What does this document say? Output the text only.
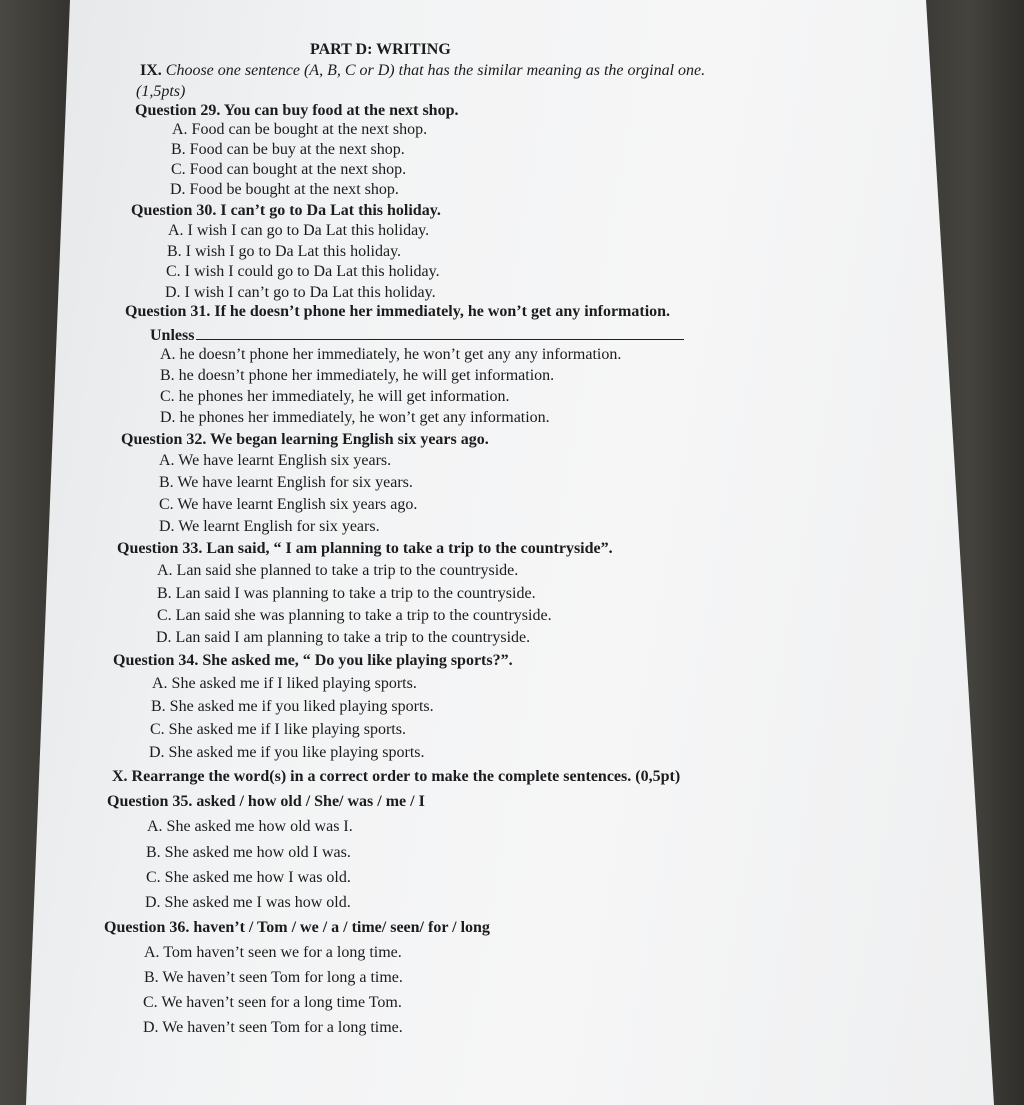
PART D: WRITING
IX. Choose one sentence (A, B, C or D) that has the similar meaning as the orginal one.
(1,5pts)
Question 29. You can buy food at the next shop.
A. Food can be bought at the next shop.
B. Food can be buy at the next shop.
C. Food can bought at the next shop.
D. Food be bought at the next shop.
Question 30. I can’t go to Da Lat this holiday.
A. I wish I can go to Da Lat this holiday.
B. I wish I go to Da Lat this holiday.
C. I wish I could go to Da Lat this holiday.
D. I wish I can’t go to Da Lat this holiday.
Question 31. If he doesn’t phone her immediately, he won’t get any information.
Unless
A. he doesn’t phone her immediately, he won’t get any any information.
B. he doesn’t phone her immediately, he will get information.
C. he phones her immediately, he will get information.
D. he phones her immediately, he won’t get any information.
Question 32. We began learning English six years ago.
A. We have learnt English six years.
B. We have learnt English for six years.
C. We have learnt English six years ago.
D. We learnt English for six years.
Question 33. Lan said, “ I am planning to take a trip to the countryside”.
A. Lan said she planned to take a trip to the countryside.
B. Lan said I was planning to take a trip to the countryside.
C. Lan said she was planning to take a trip to the countryside.
D. Lan said I am planning to take a trip to the countryside.
Question 34. She asked me, “ Do you like playing sports?”.
A. She asked me if I liked playing sports.
B. She asked me if you liked playing sports.
C. She asked me if I like playing sports.
D. She asked me if you like playing sports.
X. Rearrange the word(s) in a correct order to make the complete sentences. (0,5pt)
Question 35. asked / how old / She/ was / me / I
A. She asked me how old was I.
B. She asked me how old I was.
C. She asked me how I was old.
D. She asked me I was how old.
Question 36. haven’t / Tom / we / a / time/ seen/ for / long
A. Tom haven’t seen we for a long time.
B. We haven’t seen Tom for long a time.
C. We haven’t seen for a long time Tom.
D. We haven’t seen Tom for a long time.
